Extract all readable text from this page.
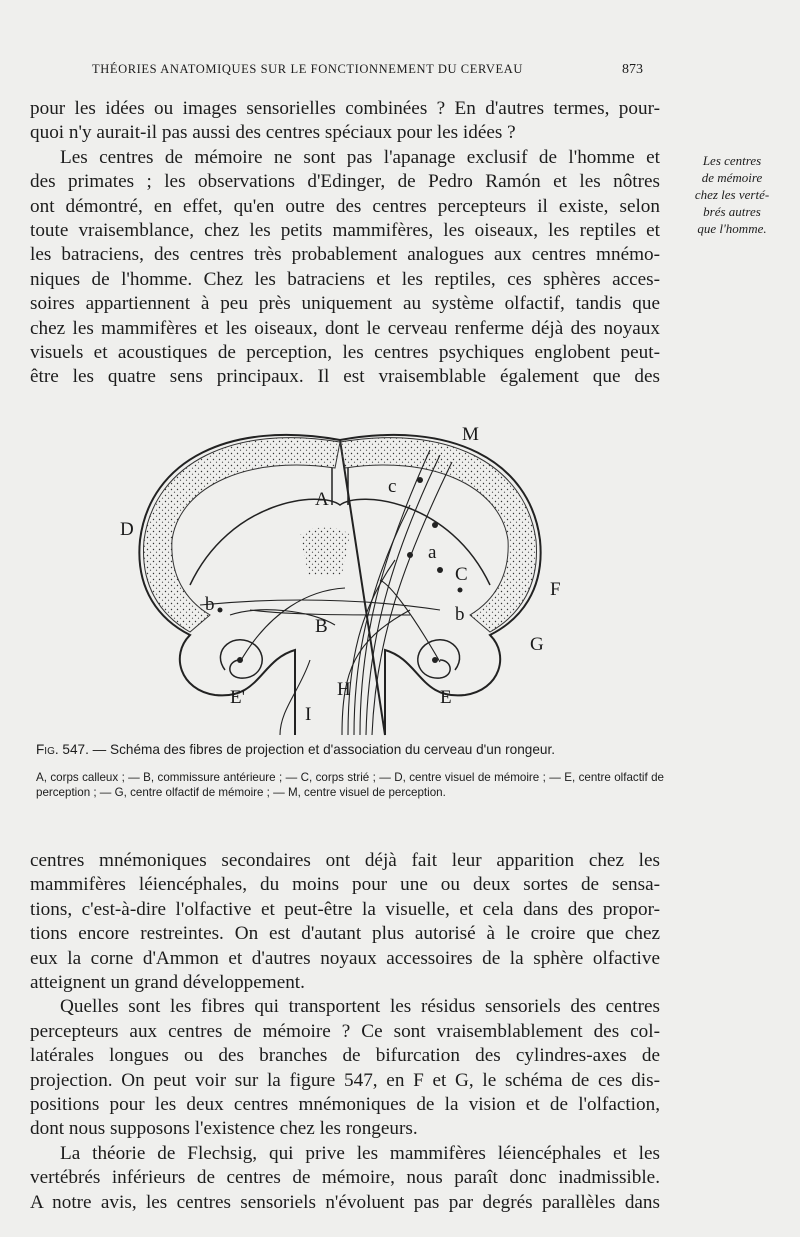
THÉORIES ANATOMIQUES SUR LE FONCTIONNEMENT DU CERVEAU	873

pour les idées ou images sensorielles combinées ? En d'autres termes, pour-
quoi n'y aurait-il pas aussi des centres spéciaux pour les idées ?

Les centres de mémoire ne sont pas l'apanage exclusif de l'homme et
des primates ; les observations d'Edinger, de Pedro Ramón et les nôtres
ont démontré, en effet, qu'en outre des centres percepteurs il existe, selon
toute vraisemblance, chez les petits mammifères, les oiseaux, les reptiles et
les batraciens, des centres très probablement analogues aux centres mnémo-
niques de l'homme. Chez les batraciens et les reptiles, ces sphères acces-
soires appartiennent à peu près uniquement au système olfactif, tandis que
chez les mammifères et les oiseaux, dont le cerveau renferme déjà des noyaux
visuels et acoustiques de perception, les centres psychiques englobent peut-
être les quatre sens principaux. Il est vraisemblable également que des

Les centres
de mémoire
chez les verté-
brés autres
que l'homme.
A
B
C
D
E
E'
F
G
H
I
M
a
b	b
c
Fig. 547. — Schéma des fibres de projection et d'association du cerveau d'un rongeur.
A, corps calleux ; — B, commissure antérieure ; — C, corps strié ; — D, centre visuel de mémoire ; — E, centre olfactif de perception ; — G, centre olfactif de mémoire ; — M, centre visuel de perception.

centres mnémoniques secondaires ont déjà fait leur apparition chez les
mammifères léiencéphales, du moins pour une ou deux sortes de sensa-
tions, c'est-à-dire l'olfactive et peut-être la visuelle, et cela dans des propor-
tions encore restreintes. On est d'autant plus autorisé à le croire que chez
eux la corne d'Ammon et d'autres noyaux accessoires de la sphère olfactive
atteignent un grand développement.

Quelles sont les fibres qui transportent les résidus sensoriels des centres
percepteurs aux centres de mémoire ? Ce sont vraisemblablement des col-
latérales longues ou des branches de bifurcation des cylindres-axes de
projection. On peut voir sur la figure 547, en F et G, le schéma de ces dis-
positions pour les deux centres mnémoniques de la vision et de l'olfaction,
dont nous supposons l'existence chez les rongeurs.

La théorie de Flechsig, qui prive les mammifères léiencéphales et les
vertébrés inférieurs de centres de mémoire, nous paraît donc inadmissible.
A notre avis, les centres sensoriels n'évoluent pas par degrés parallèles dans
